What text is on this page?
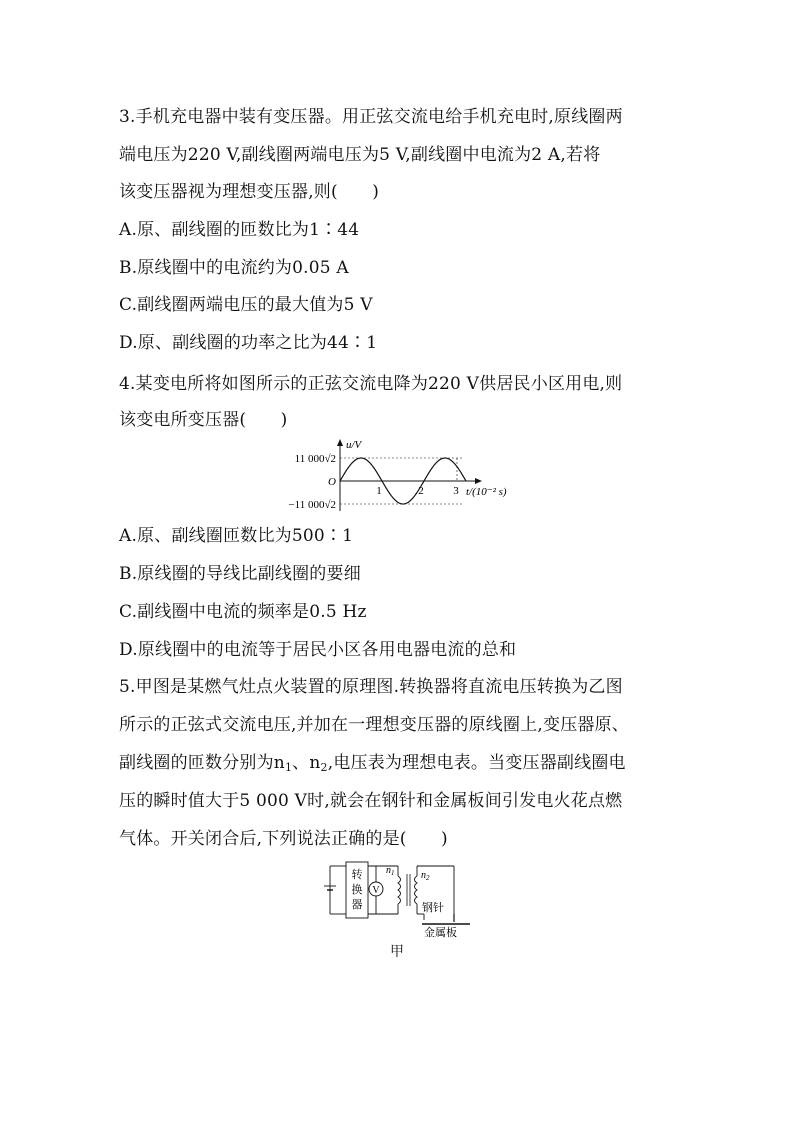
3.手机充电器中装有变压器。用正弦交流电给手机充电时,原线圈两
端电压为220 V,副线圈两端电压为5 V,副线圈中电流为2 A,若将
该变压器视为理想变压器,则(　　)
A.原、副线圈的匝数比为1∶44
B.原线圈中的电流约为0.05 A
C.副线圈两端电压的最大值为5 V
D.原、副线圈的功率之比为44∶1
4.某变电所将如图所示的正弦交流电降为220 V供居民小区用电,则
该变电所变压器(　　)
u/V
11 000√2
−11 000√2
O
1	2	3 t/(10⁻² s)
A.原、副线圈匝数比为500∶1
B.原线圈的导线比副线圈的要细
C.副线圈中电流的频率是0.5 Hz
D.原线圈中的电流等于居民小区各用电器电流的总和
5.甲图是某燃气灶点火装置的原理图.转换器将直流电压转换为乙图
所示的正弦式交流电压,并加在一理想变压器的原线圈上,变压器原、
副线圈的匝数分别为$n_1$、$n_2$,电压表为理想电表。当变压器副线圈电
压的瞬时值大于5 000 V时,就会在钢针和金属板间引发电火花点燃
气体。开关闭合后,下列说法正确的是(　　)
转
换
器
V
$n_1$	$n_2$
钢针
金属板
甲
